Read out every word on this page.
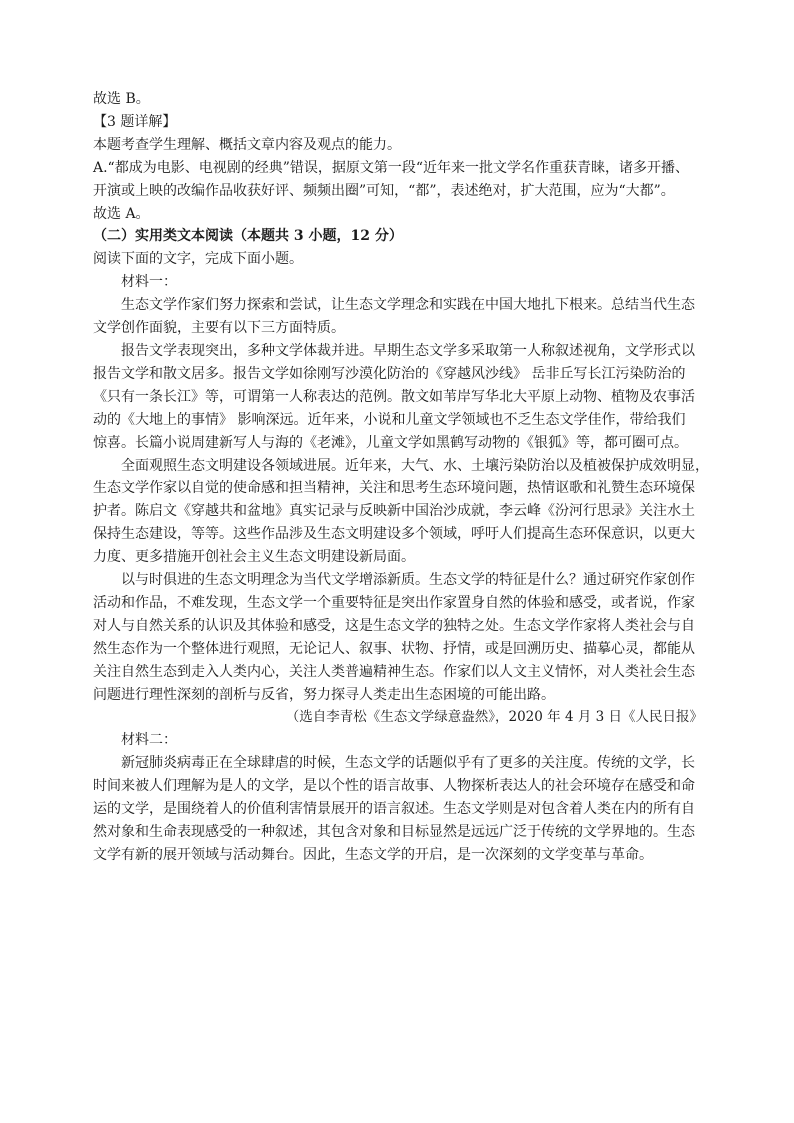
故选 B。

【3 题详解】

本题考查学生理解、概括文章内容及观点的能力。

A.“都成为电影、电视剧的经典”错误，据原文第一段“近年来一批文学名作重获青睐，诸多开播、

开演或上映的改编作品收获好评、频频出圈”可知，“都”，表述绝对，扩大范围，应为“大都”。

故选 A。

（二）实用类文本阅读（本题共 3 小题，12 分）

阅读下面的文字，完成下面小题。

材料一：

生态文学作家们努力探索和尝试，让生态文学理念和实践在中国大地扎下根来。总结当代生态

文学创作面貌，主要有以下三方面特质。

报告文学表现突出，多种文学体裁并进。早期生态文学多采取第一人称叙述视角，文学形式以

报告文学和散文居多。报告文学如徐刚写沙漠化防治的《穿越风沙线》 岳非丘写长江污染防治的

《只有一条长江》等，可谓第一人称表达的范例。散文如苇岸写华北大平原上动物、植物及农事活

动的《大地上的事情》 影响深远。近年来，小说和儿童文学领域也不乏生态文学佳作，带给我们

惊喜。长篇小说周建新写人与海的《老滩》，儿童文学如黑鹤写动物的《银狐》等，都可圈可点。

全面观照生态文明建设各领域进展。近年来，大气、水、土壤污染防治以及植被保护成效明显，

生态文学作家以自觉的使命感和担当精神，关注和思考生态环境问题，热情讴歌和礼赞生态环境保

护者。陈启文《穿越共和盆地》真实记录与反映新中国治沙成就，李云峰《汾河行思录》关注水土

保持生态建设，等等。这些作品涉及生态文明建设多个领域，呼吁人们提高生态环保意识，以更大

力度、更多措施开创社会主义生态文明建设新局面。

以与时俱进的生态文明理念为当代文学增添新质。生态文学的特征是什么？通过研究作家创作

活动和作品，不难发现，生态文学一个重要特征是突出作家置身自然的体验和感受，或者说，作家

对人与自然关系的认识及其体验和感受，这是生态文学的独特之处。生态文学作家将人类社会与自

然生态作为一个整体进行观照，无论记人、叙事、状物、抒情，或是回溯历史、描摹心灵，都能从

关注自然生态到走入人类内心，关注人类普遍精神生态。作家们以人文主义情怀，对人类社会生态

问题进行理性深刻的剖析与反省，努力探寻人类走出生态困境的可能出路。

（选自李青松《生态文学绿意盎然》，2020 年 4 月 3 日《人民日报》

材料二：

新冠肺炎病毒正在全球肆虐的时候，生态文学的话题似乎有了更多的关注度。传统的文学，长

时间来被人们理解为是人的文学，是以个性的语言故事、人物探析表达人的社会环境存在感受和命

运的文学，是围绕着人的价值利害情景展开的语言叙述。生态文学则是对包含着人类在内的所有自

然对象和生命表现感受的一种叙述，其包含对象和目标显然是远远广泛于传统的文学界地的。生态

文学有新的展开领域与活动舞台。因此，生态文学的开启，是一次深刻的文学变革与革命。
